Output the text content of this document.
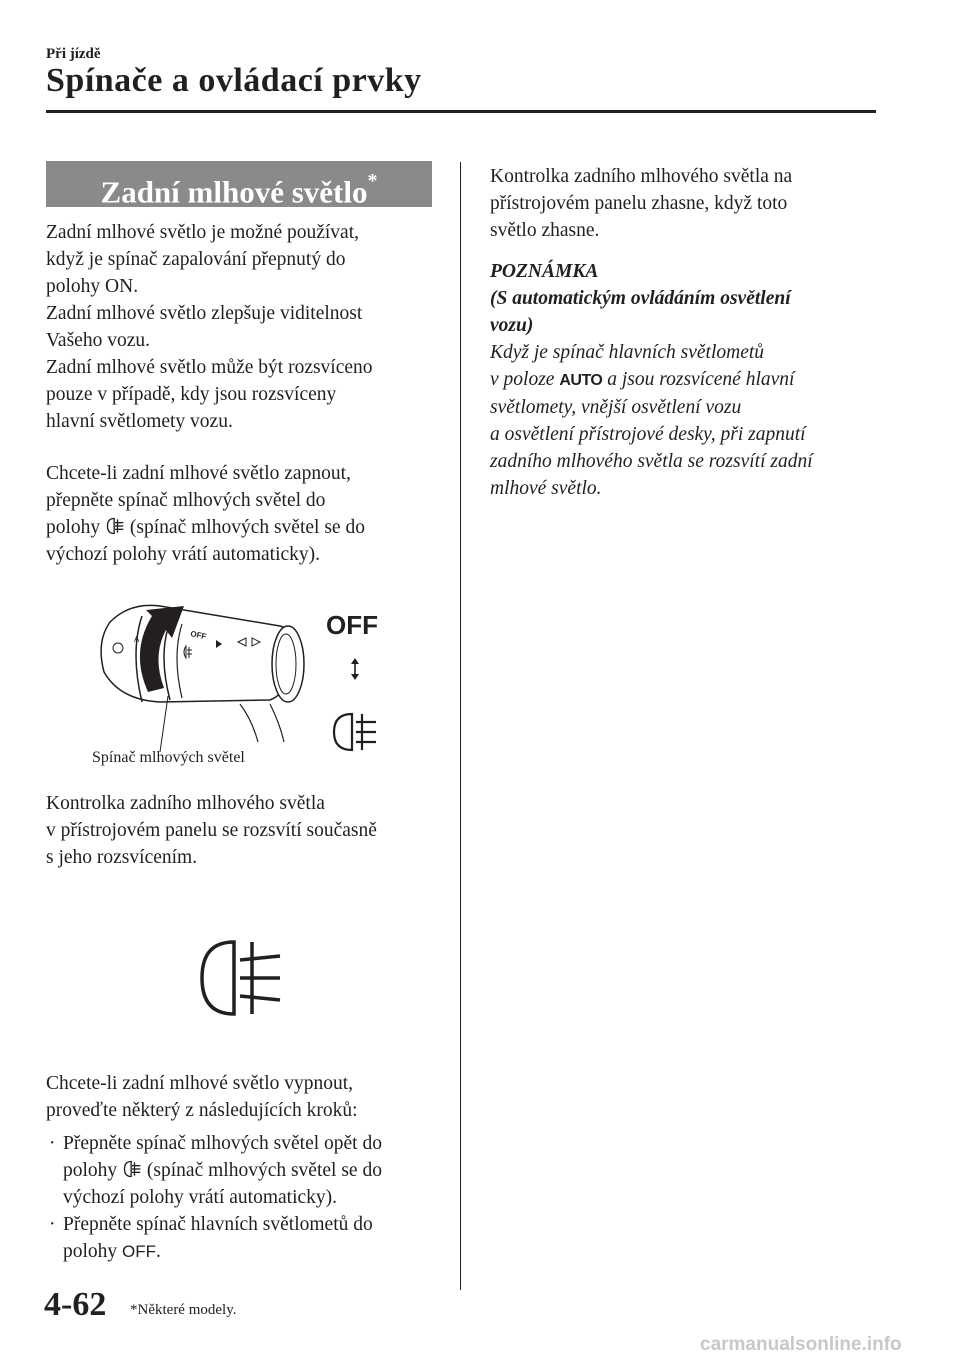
Při jízdě
Spínače a ovládací prvky
Zadní mlhové světlo*

Zadní mlhové světlo je možné používat,

když je spínač zapalování přepnutý do

polohy ON.

Zadní mlhové světlo zlepšuje viditelnost

Vašeho vozu.

Zadní mlhové světlo může být rozsvíceno

pouze v případě, kdy jsou rozsvíceny

hlavní světlomety vozu.

Chcete-li zadní mlhové světlo zapnout,

přepněte spínač mlhových světel do

polohy (spínač mlhových světel se do

výchozí polohy vrátí automaticky).

A	OFF	OFF
Spínač mlhových světel

Kontrolka zadního mlhového světla

v přístrojovém panelu se rozsvítí současně

s jeho rozsvícením.

Chcete-li zadní mlhové světlo vypnout,

proveďte některý z následujících kroků:

· Přepněte spínač mlhových světel opět do
polohy (spínač mlhových světel se do
výchozí polohy vrátí automaticky).
· Přepněte spínač hlavních světlometů do
polohy OFF.

Kontrolka zadního mlhového světla na

přístrojovém panelu zhasne, když toto

světlo zhasne.

POZNÁMKA

(S automatickým ovládáním osvětlení

vozu)

Když je spínač hlavních světlometů

v poloze AUTO a jsou rozsvícené hlavní

světlomety, vnější osvětlení vozu

a osvětlení přístrojové desky, při zapnutí

zadního mlhového světla se rozsvítí zadní

mlhové světlo.

4-62 *Některé modely.
carmanualsonline.info
